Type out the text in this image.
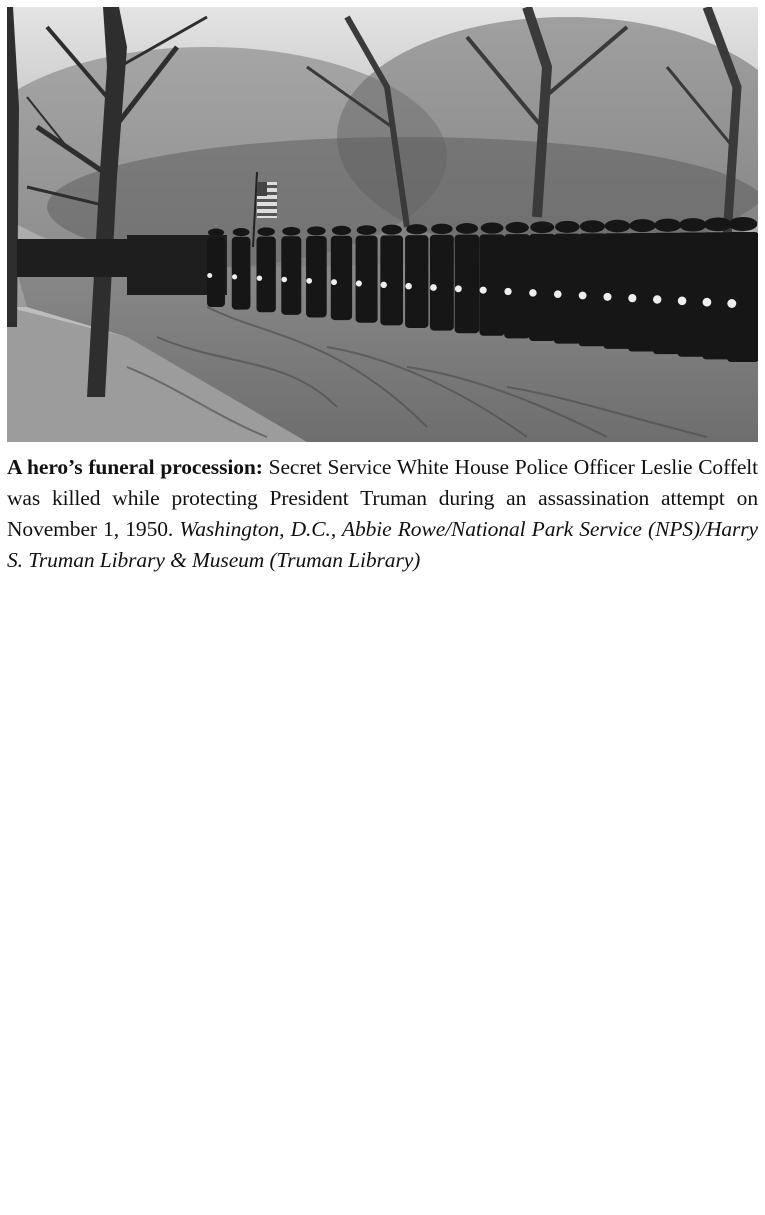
A hero’s funeral procession: Secret Service White House Police Officer Leslie Coffelt was killed while protecting President Truman during an assassination attempt on November 1, 1950. Washington, D.C., Abbie Rowe/National Park Service (NPS)/Harry S. Truman Library & Museum (Truman Library)
